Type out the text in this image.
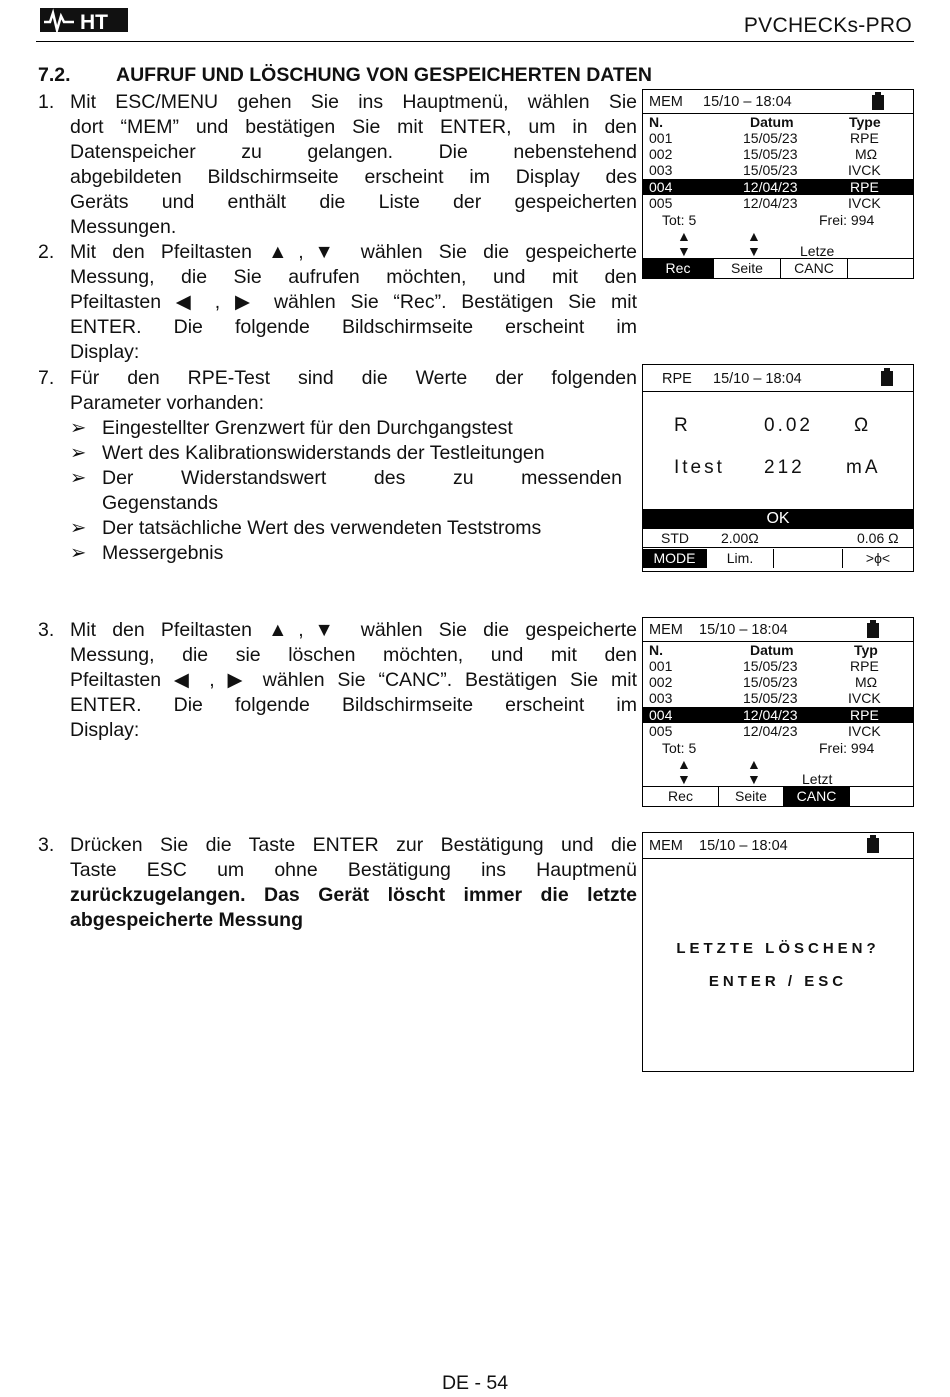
HT	PVCHECKs-PRO
7.2. AUFRUF UND LÖSCHUNG VON GESPEICHERTEN DATEN
1. Mit ESC/MENU gehen Sie ins Hauptmenü, wählen Sie
dort “MEM” und bestätigen Sie mit ENTER, um in den
Datenspeicher zu gelangen. Die nebenstehend
abgebildeten Bildschirmseite erscheint im Display des
Geräts und enthält die Liste der gespeicherten
Messungen.
2. Mit den Pfeiltasten ▲,▼ wählen Sie die gespeicherte
Messung, die Sie aufrufen möchten, und mit den
Pfeiltasten ◀ , ▶ wählen Sie “Rec”. Bestätigen Sie mit
ENTER. Die folgende Bildschirmseite erscheint im
Display:
7. Für den RPE-Test sind die Werte der folgenden
Parameter vorhanden:
➢ Eingestellter Grenzwert für den Durchgangstest
➢ Wert des Kalibrationswiderstands der Testleitungen
➢ Der Widerstandswert des zu messenden
Gegenstands
➢ Der tatsächliche Wert des verwendeten Teststroms
➢ Messergebnis
3. Mit den Pfeiltasten ▲,▼ wählen Sie die gespeicherte
Messung, die sie löschen möchten, und mit den
Pfeiltasten ◀ , ▶ wählen Sie “CANC”. Bestätigen Sie mit
ENTER. Die folgende Bildschirmseite erscheint im
Display:
3. Drücken Sie die Taste ENTER zur Bestätigung und die
Taste ESC um ohne Bestätigung ins Hauptmenü
zurückzugelangen. Das Gerät löscht immer die letzte
abgespeicherte Messung
MEM 15/10 – 18:04
N.	Datum	Type
001	15/05/23	RPE
002	15/05/23	MΩ
003	15/05/23	IVCK
004	12/04/23	RPE
005	12/04/23	IVCK
Tot: 5	Frei: 994
▲	▲
▼	▼	Letze
Rec	Seite	CANC
RPE 15/10 – 18:04
R	0.02 Ω
Itest 212 mA
OK
STD 2.00Ω	0.06 Ω
MODE	Lim.	>ϕ<
MEM 15/10 – 18:04
N.	Datum	Typ
001	15/05/23	RPE
002	15/05/23	MΩ
003	15/05/23	IVCK
004	12/04/23	RPE
005	12/04/23	IVCK
Tot: 5	Frei: 994
▲	▲
▼	▼	Letzt
Rec	Seite	CANC
MEM 15/10 – 18:04
LETZTE LÖSCHEN?
ENTER / ESC
DE - 54
